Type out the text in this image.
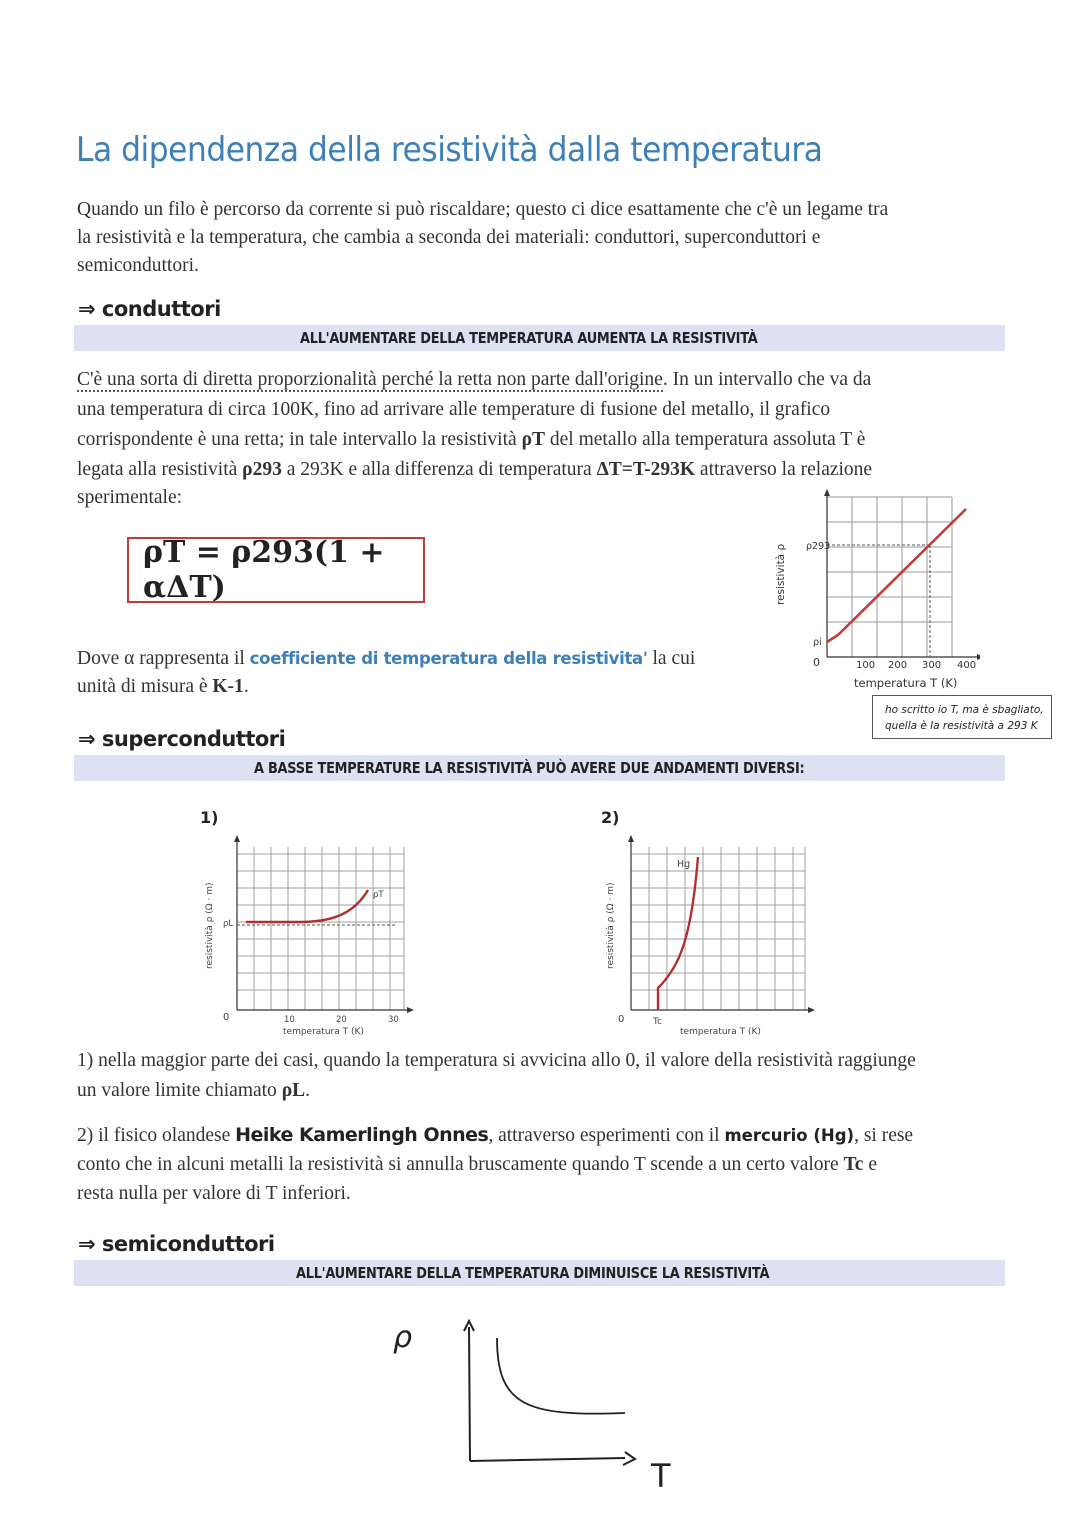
La dipendenza della resistività dalla temperatura
Quando un filo è percorso da corrente si può riscaldare; questo ci dice esattamente che c'è un legame tra
la resistività e la temperatura, che cambia a seconda dei materiali: conduttori, superconduttori e
semiconduttori.
⇒ conduttori
ALL'AUMENTARE DELLA TEMPERATURA AUMENTA LA RESISTIVITÀ
C'è una sorta di diretta proporzionalità perché la retta non parte dall'origine. In un intervallo che va da
una temperatura di circa 100K, fino ad arrivare alle temperature di fusione del metallo, il grafico
corrispondente è una retta; in tale intervallo la resistività ρT del metallo alla temperatura assoluta T è
legata alla resistività ρ293 a 293K e alla differenza di temperatura ΔT=T-293K attraverso la relazione
sperimentale:
ρT = ρ293(1 + αΔT)	resistività ρ ρ293
ρi
0	100 200 300 400
temperatura T (K)
Dove α rappresenta il coefficiente di temperatura della resistivita' la cui
unità di misura è K-1.
ho scritto io T, ma è sbagliato,
quella è la resistività a 293 K
⇒ superconduttori
A BASSE TEMPERATURE LA RESISTIVITÀ PUÒ AVERE DUE ANDAMENTI DIVERSI:
1)	2)
resistività ρ (Ω · m) ρL
ρT
0	10	20	30
temperatura T (K)
resistività ρ (Ω · m)
Hg
0	Tc
temperatura T (K)
1) nella maggior parte dei casi, quando la temperatura si avvicina allo 0, il valore della resistività raggiunge
un valore limite chiamato ρL.
2) il fisico olandese Heike Kamerlingh Onnes, attraverso esperimenti con il mercurio (Hg), si rese
conto che in alcuni metalli la resistività si annulla bruscamente quando T scende a un certo valore Tc e
resta nulla per valore di T inferiori.
⇒ semiconduttori
ALL'AUMENTARE DELLA TEMPERATURA DIMINUISCE LA RESISTIVITÀ
ρ
T
